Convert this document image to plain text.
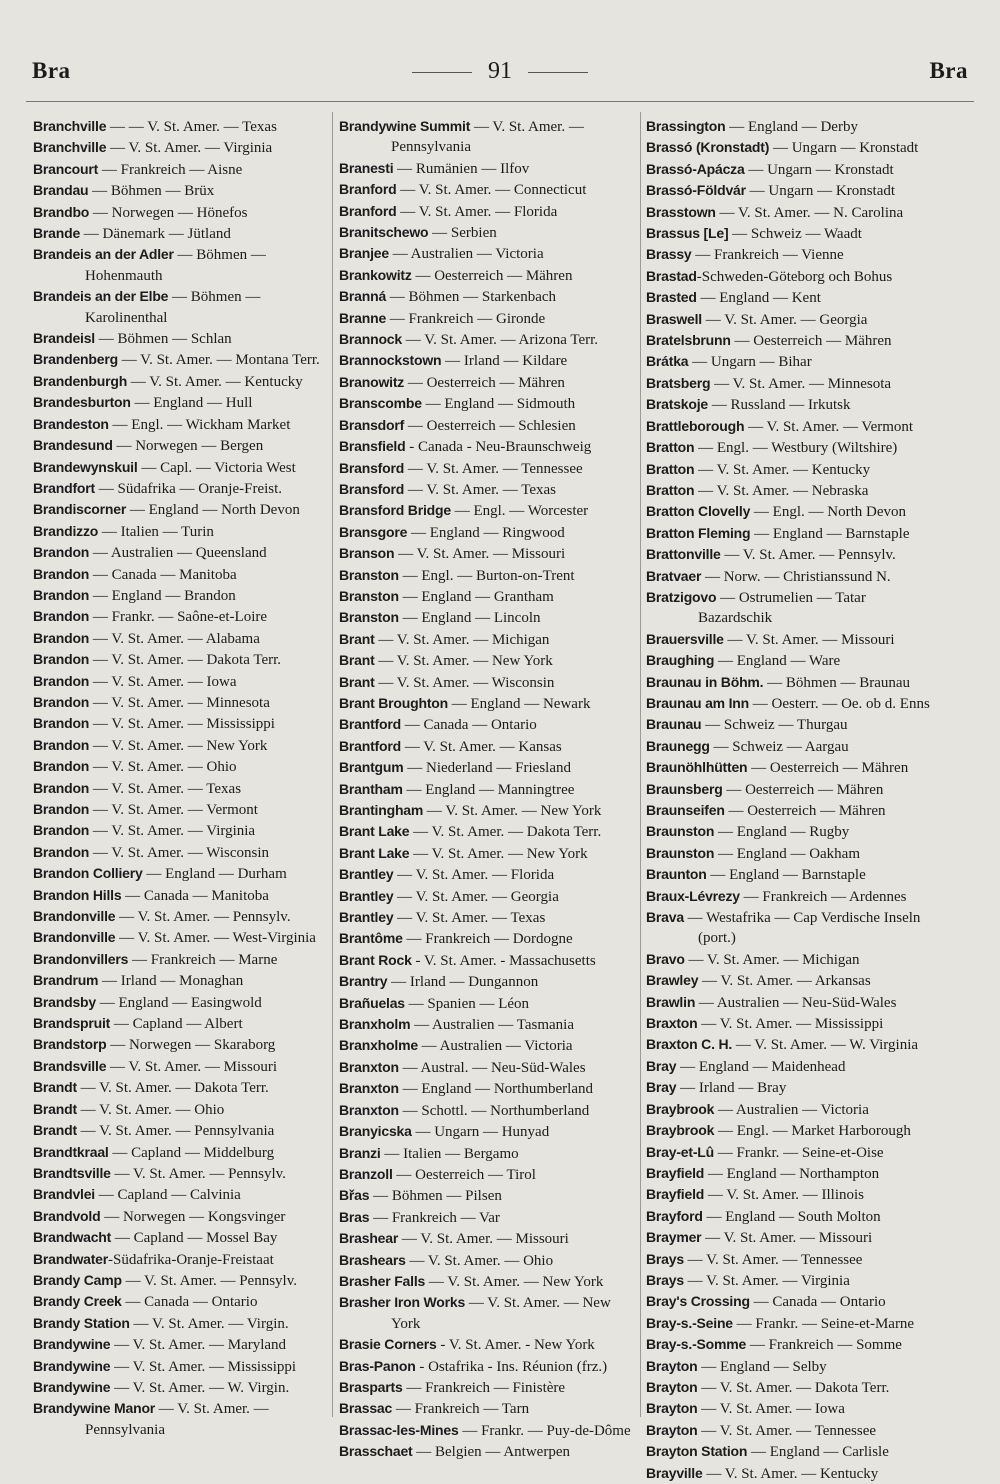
Bra	91	Bra
Branchville — — V. St. Amer. — Texas
Branchville — V. St. Amer. — Virginia
Brancourt — Frankreich — Aisne
Brandau — Böhmen — Brüx
Brandbo — Norwegen — Hönefos
Brande — Dänemark — Jütland
Brandeis an der Adler — Böhmen — Hohenmauth
Brandeis an der Elbe — Böhmen — Karolinenthal
Brandeisl — Böhmen — Schlan
Brandenberg — V. St. Amer. — Montana Terr.
Brandenburgh — V. St. Amer. — Kentucky
Brandesburton — England — Hull
Brandeston — Engl. — Wickham Market
Brandesund — Norwegen — Bergen
Brandewynskuil — Capl. — Victoria West
Brandfort — Südafrika — Oranje-Freist.
Brandiscorner — England — North Devon
Brandizzo — Italien — Turin
Brandon — Australien — Queensland
Brandon — Canada — Manitoba
Brandon — England — Brandon
Brandon — Frankr. — Saône-et-Loire
Brandon — V. St. Amer. — Alabama
Brandon — V. St. Amer. — Dakota Terr.
Brandon — V. St. Amer. — Iowa
Brandon — V. St. Amer. — Minnesota
Brandon — V. St. Amer. — Mississippi
Brandon — V. St. Amer. — New York
Brandon — V. St. Amer. — Ohio
Brandon — V. St. Amer. — Texas
Brandon — V. St. Amer. — Vermont
Brandon — V. St. Amer. — Virginia
Brandon — V. St. Amer. — Wisconsin
Brandon Colliery — England — Durham
Brandon Hills — Canada — Manitoba
Brandonville — V. St. Amer. — Pennsylv.
Brandonville — V. St. Amer. — West-Virginia
Brandonvillers — Frankreich — Marne
Brandrum — Irland — Monaghan
Brandsby — England — Easingwold
Brandspruit — Capland — Albert
Brandstorp — Norwegen — Skaraborg
Brandsville — V. St. Amer. — Missouri
Brandt — V. St. Amer. — Dakota Terr.
Brandt — V. St. Amer. — Ohio
Brandt — V. St. Amer. — Pennsylvania
Brandtkraal — Capland — Middelburg
Brandtsville — V. St. Amer. — Pennsylv.
Brandvlei — Capland — Calvinia
Brandvold — Norwegen — Kongsvinger
Brandwacht — Capland — Mossel Bay
Brandwater-Südafrika-Oranje-Freistaat
Brandy Camp — V. St. Amer. — Pennsylv.
Brandy Creek — Canada — Ontario
Brandy Station — V. St. Amer. — Virgin.
Brandywine — V. St. Amer. — Maryland
Brandywine — V. St. Amer. — Mississippi
Brandywine — V. St. Amer. — W. Virgin.
Brandywine Manor — V. St. Amer. — Pennsylvania
Brandywine Summit — V. St. Amer. — Pennsylvania
Branesti — Rumänien — Ilfov
Branford — V. St. Amer. — Connecticut
Branford — V. St. Amer. — Florida
Branitschewo — Serbien
Branjee — Australien — Victoria
Brankowitz — Oesterreich — Mähren
Branná — Böhmen — Starkenbach
Branne — Frankreich — Gironde
Brannock — V. St. Amer. — Arizona Terr.
Brannockstown — Irland — Kildare
Branowitz — Oesterreich — Mähren
Branscombe — England — Sidmouth
Bransdorf — Oesterreich — Schlesien
Bransfield - Canada - Neu-Braunschweig
Bransford — V. St. Amer. — Tennessee
Bransford — V. St. Amer. — Texas
Bransford Bridge — Engl. — Worcester
Bransgore — England — Ringwood
Branson — V. St. Amer. — Missouri
Branston — Engl. — Burton-on-Trent
Branston — England — Grantham
Branston — England — Lincoln
Brant — V. St. Amer. — Michigan
Brant — V. St. Amer. — New York
Brant — V. St. Amer. — Wisconsin
Brant Broughton — England — Newark
Brantford — Canada — Ontario
Brantford — V. St. Amer. — Kansas
Brantgum — Niederland — Friesland
Brantham — England — Manningtree
Brantingham — V. St. Amer. — New York
Brant Lake — V. St. Amer. — Dakota Terr.
Brant Lake — V. St. Amer. — New York
Brantley — V. St. Amer. — Florida
Brantley — V. St. Amer. — Georgia
Brantley — V. St. Amer. — Texas
Brantôme — Frankreich — Dordogne
Brant Rock - V. St. Amer. - Massachusetts
Brantry — Irland — Dungannon
Brañuelas — Spanien — Léon
Branxholm — Australien — Tasmania
Branxholme — Australien — Victoria
Branxton — Austral. — Neu-Süd-Wales
Branxton — England — Northumberland
Branxton — Schottl. — Northumberland
Branyicska — Ungarn — Hunyad
Branzi — Italien — Bergamo
Branzoll — Oesterreich — Tirol
Břas — Böhmen — Pilsen
Bras — Frankreich — Var
Brashear — V. St. Amer. — Missouri
Brashears — V. St. Amer. — Ohio
Brasher Falls — V. St. Amer. — New York
Brasher Iron Works — V. St. Amer. — New York
Brasie Corners - V. St. Amer. - New York
Bras-Panon - Ostafrika - Ins. Réunion (frz.)
Brasparts — Frankreich — Finistère
Brassac — Frankreich — Tarn
Brassac-les-Mines — Frankr. — Puy-de-Dôme
Brasschaet — Belgien — Antwerpen
Brassington — England — Derby
Brassó (Kronstadt) — Ungarn — Kronstadt
Brassó-Apácza — Ungarn — Kronstadt
Brassó-Földvár — Ungarn — Kronstadt
Brasstown — V. St. Amer. — N. Carolina
Brassus [Le] — Schweiz — Waadt
Brassy — Frankreich — Vienne
Brastad-Schweden-Göteborg och Bohus
Brasted — England — Kent
Braswell — V. St. Amer. — Georgia
Bratelsbrunn — Oesterreich — Mähren
Brátka — Ungarn — Bihar
Bratsberg — V. St. Amer. — Minnesota
Bratskoje — Russland — Irkutsk
Brattleborough — V. St. Amer. — Vermont
Bratton — Engl. — Westbury (Wiltshire)
Bratton — V. St. Amer. — Kentucky
Bratton — V. St. Amer. — Nebraska
Bratton Clovelly — Engl. — North Devon
Bratton Fleming — England — Barnstaple
Brattonville — V. St. Amer. — Pennsylv.
Bratvaer — Norw. — Christianssund N.
Bratzigovo — Ostrumelien — Tatar Bazardschik
Brauersville — V. St. Amer. — Missouri
Braughing — England — Ware
Braunau in Böhm. — Böhmen — Braunau
Braunau am Inn — Oesterr. — Oe. ob d. Enns
Braunau — Schweiz — Thurgau
Braunegg — Schweiz — Aargau
Braunöhlhütten — Oesterreich — Mähren
Braunsberg — Oesterreich — Mähren
Braunseifen — Oesterreich — Mähren
Braunston — England — Rugby
Braunston — England — Oakham
Braunton — England — Barnstaple
Braux-Lévrezy — Frankreich — Ardennes
Brava — Westafrika — Cap Verdische Inseln (port.)
Bravo — V. St. Amer. — Michigan
Brawley — V. St. Amer. — Arkansas
Brawlin — Australien — Neu-Süd-Wales
Braxton — V. St. Amer. — Mississippi
Braxton C. H. — V. St. Amer. — W. Virginia
Bray — England — Maidenhead
Bray — Irland — Bray
Braybrook — Australien — Victoria
Braybrook — Engl. — Market Harborough
Bray-et-Lû — Frankr. — Seine-et-Oise
Brayfield — England — Northampton
Brayfield — V. St. Amer. — Illinois
Brayford — England — South Molton
Braymer — V. St. Amer. — Missouri
Brays — V. St. Amer. — Tennessee
Brays — V. St. Amer. — Virginia
Bray's Crossing — Canada — Ontario
Bray-s.-Seine — Frankr. — Seine-et-Marne
Bray-s.-Somme — Frankreich — Somme
Brayton — England — Selby
Brayton — V. St. Amer. — Dakota Terr.
Brayton — V. St. Amer. — Iowa
Brayton — V. St. Amer. — Tennessee
Brayton Station — England — Carlisle
Brayville — V. St. Amer. — Kentucky
